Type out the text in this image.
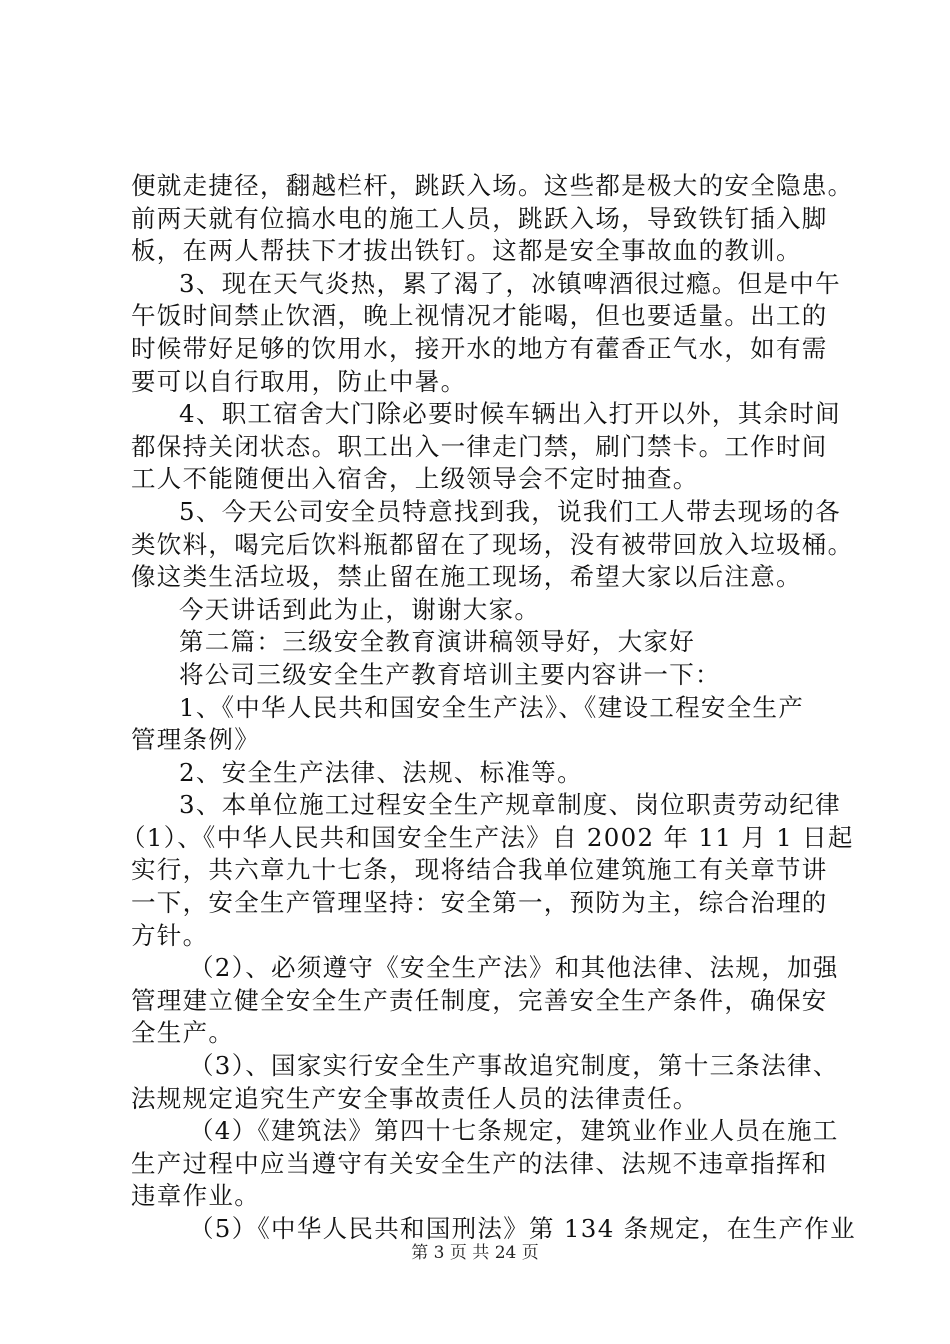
便就走捷径，翻越栏杆，跳跃入场。这些都是极大的安全隐患。
前两天就有位搞水电的施工人员，跳跃入场，导致铁钉插入脚
板，在两人帮扶下才拔出铁钉。这都是安全事故血的教训。
3、现在天气炎热，累了渴了，冰镇啤酒很过瘾。但是中午
午饭时间禁止饮酒，晚上视情况才能喝，但也要适量。出工的
时候带好足够的饮用水，接开水的地方有藿香正气水，如有需
要可以自行取用，防止中暑。
4、职工宿舍大门除必要时候车辆出入打开以外，其余时间
都保持关闭状态。职工出入一律走门禁，刷门禁卡。工作时间
工人不能随便出入宿舍，上级领导会不定时抽查。
5、今天公司安全员特意找到我，说我们工人带去现场的各
类饮料，喝完后饮料瓶都留在了现场，没有被带回放入垃圾桶。
像这类生活垃圾，禁止留在施工现场，希望大家以后注意。
今天讲话到此为止，谢谢大家。
第二篇：三级安全教育演讲稿领导好，大家好
将公司三级安全生产教育培训主要内容讲一下：
1、《中华人民共和国安全生产法》、《建设工程安全生产
管理条例》
2、安全生产法律、法规、标准等。
3、本单位施工过程安全生产规章制度、岗位职责劳动纪律
（1）、《中华人民共和国安全生产法》自 2002 年 11 月 1 日起
实行，共六章九十七条，现将结合我单位建筑施工有关章节讲
一下，安全生产管理坚持：安全第一，预防为主，综合治理的
方针。
（2）、必须遵守《安全生产法》和其他法律、法规，加强
管理建立健全安全生产责任制度，完善安全生产条件，确保安
全生产。
（3）、国家实行安全生产事故追究制度，第十三条法律、
法规规定追究生产安全事故责任人员的法律责任。
（4）《建筑法》第四十七条规定，建筑业作业人员在施工
生产过程中应当遵守有关安全生产的法律、法规不违章指挥和
违章作业。
（5）《中华人民共和国刑法》第 134 条规定，在生产作业
第 3 页 共 24 页
